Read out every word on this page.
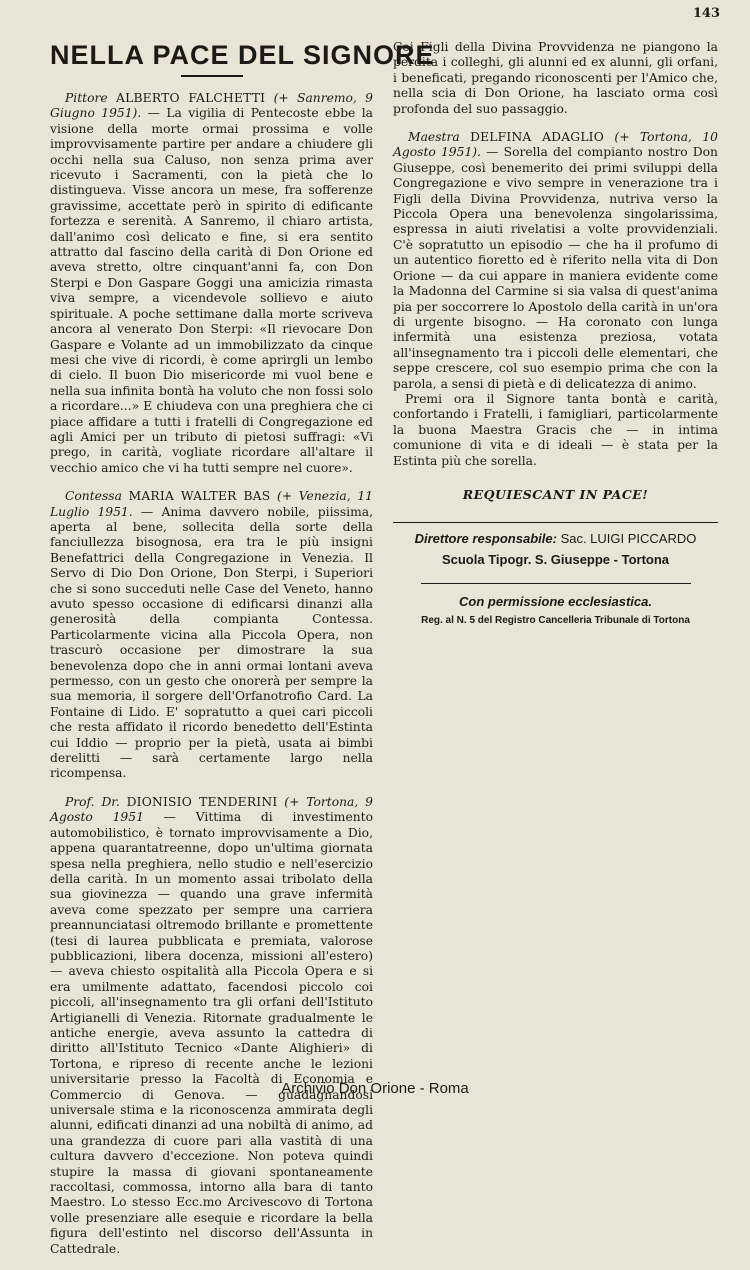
143
NELLA PACE DEL SIGNORE

Pittore ALBERTO FALCHETTI (+ Sanremo, 9 Giugno 1951). — La vigilia di Pentecoste ebbe la visione della morte ormai prossima e volle improvvisamente partire per andare a chiudere gli occhi nella sua Caluso, non senza prima aver ricevuto i Sacramenti, con la pietà che lo distingueva. Visse ancora un mese, fra sofferenze gravissime, accettate però in spirito di edificante fortezza e serenità. A Sanremo, il chiaro artista, dall'animo così delicato e fine, si era sentito attratto dal fascino della carità di Don Orione ed aveva stretto, oltre cinquant'anni fa, con Don Sterpi e Don Gaspare Goggi una amicizia rimasta viva sempre, a vicendevole sollievo e aiuto spirituale. A poche settimane dalla morte scriveva ancora al venerato Don Sterpi: «Il rievocare Don Gaspare e Volante ad un immobilizzato da cinque mesi che vive di ricordi, è come aprirgli un lembo di cielo. Il buon Dio misericorde mi vuol bene e nella sua infinita bontà ha voluto che non fossi solo a ricordare...» E chiudeva con una preghiera che ci piace affidare a tutti i fratelli di Congregazione ed agli Amici per un tributo di pietosi suffragi: «Vi prego, in carità, vogliate ricordare all'altare il vecchio amico che vi ha tutti sempre nel cuore».

Contessa MARIA WALTER BAS (+ Venezia, 11 Luglio 1951. — Anima davvero nobile, piissima, aperta al bene, sollecita della sorte della fanciullezza bisognosa, era tra le più insigni Benefattrici della Congregazione in Venezia. Il Servo di Dio Don Orione, Don Sterpi, i Superiori che si sono succeduti nelle Case del Veneto, hanno avuto spesso occasione di edificarsi dinanzi alla generosità della compianta Contessa. Particolarmente vicina alla Piccola Opera, non trascurò occasione per dimostrare la sua benevolenza dopo che in anni ormai lontani aveva permesso, con un gesto che onorerà per sempre la sua memoria, il sorgere dell'Orfanotrofio Card. La Fontaine di Lido. E' sopratutto a quei cari piccoli che resta affidato il ricordo benedetto dell'Estinta cui Iddio — proprio per la pietà, usata ai bimbi derelitti — sarà certamente largo nella ricompensa.

Prof. Dr. DIONISIO TENDERINI (+ Tortona, 9 Agosto 1951 — Vittima di investimento automobilistico, è tornato improvvisamente a Dio, appena quarantatreenne, dopo un'ultima giornata spesa nella preghiera, nello studio e nell'esercizio della carità. In un momento assai tribolato della sua giovinezza — quando una grave infermità aveva come spezzato per sempre una carriera preannunciatasi oltremodo brillante e promettente (tesi di laurea pubblicata e premiata, valorose pubblicazioni, libera docenza, missioni all'estero) — aveva chiesto ospitalità alla Piccola Opera e si era umilmente adattato, facendosi piccolo coi piccoli, all'insegnamento tra gli orfani dell'Istituto Artigianelli di Venezia. Ritornate gradualmente le antiche energie, aveva assunto la cattedra di diritto all'Istituto Tecnico «Dante Alighieri» di Tortona, e ripreso di recente anche le lezioni universitarie presso la Facoltà di Economia e Commercio di Genova. — guadagnandosi universale stima e la riconoscenza ammirata degli alunni, edificati dinanzi ad una nobiltà di animo, ad una grandezza di cuore pari alla vastità di una cultura davvero d'eccezione. Non poteva quindi stupire la massa di giovani spontaneamente raccoltasi, commossa, intorno alla bara di tanto Maestro. Lo stesso Ecc.mo Arcivescovo di Tortona volle presenziare alle esequie e ricordare la bella figura dell'estinto nel discorso dell'Assunta in Cattedrale.

Coi Figli della Divina Provvidenza ne piangono la perdita i colleghi, gli alunni ed ex alunni, gli orfani, i beneficati, pregando riconoscenti per l'Amico che, nella scia di Don Orione, ha lasciato orma così profonda del suo passaggio.

Maestra DELFINA ADAGLIO (+ Tortona, 10 Agosto 1951). — Sorella del compianto nostro Don Giuseppe, così benemerito dei primi sviluppi della Congregazione e vivo sempre in venerazione tra i Figli della Divina Provvidenza, nutriva verso la Piccola Opera una benevolenza singolarissima, espressa in aiuti rivelatisi a volte provvidenziali. C'è sopratutto un episodio — che ha il profumo di un autentico fioretto ed è riferito nella vita di Don Orione — da cui appare in maniera evidente come la Madonna del Carmine si sia valsa di quest'anima pia per soccorrere lo Apostolo della carità in un'ora di urgente bisogno. — Ha coronato con lunga infermità una esistenza preziosa, votata all'insegnamento tra i piccoli delle elementari, che seppe crescere, col suo esempio prima che con la parola, a sensi di pietà e di delicatezza di animo.

Premi ora il Signore tanta bontà e carità, confortando i Fratelli, i famigliari, particolarmente la buona Maestra Gracis che — in intima comunione di vita e di ideali — è stata per la Estinta più che sorella.

REQUIESCANT IN PACE!
Direttore responsabile: Sac. LUIGI PICCARDO
Scuola Tipogr. S. Giuseppe - Tortona
Con permissione ecclesiastica.
Reg. al N. 5 del Registro Cancelleria Tribunale di Tortona
Archivio Don Orione - Roma
